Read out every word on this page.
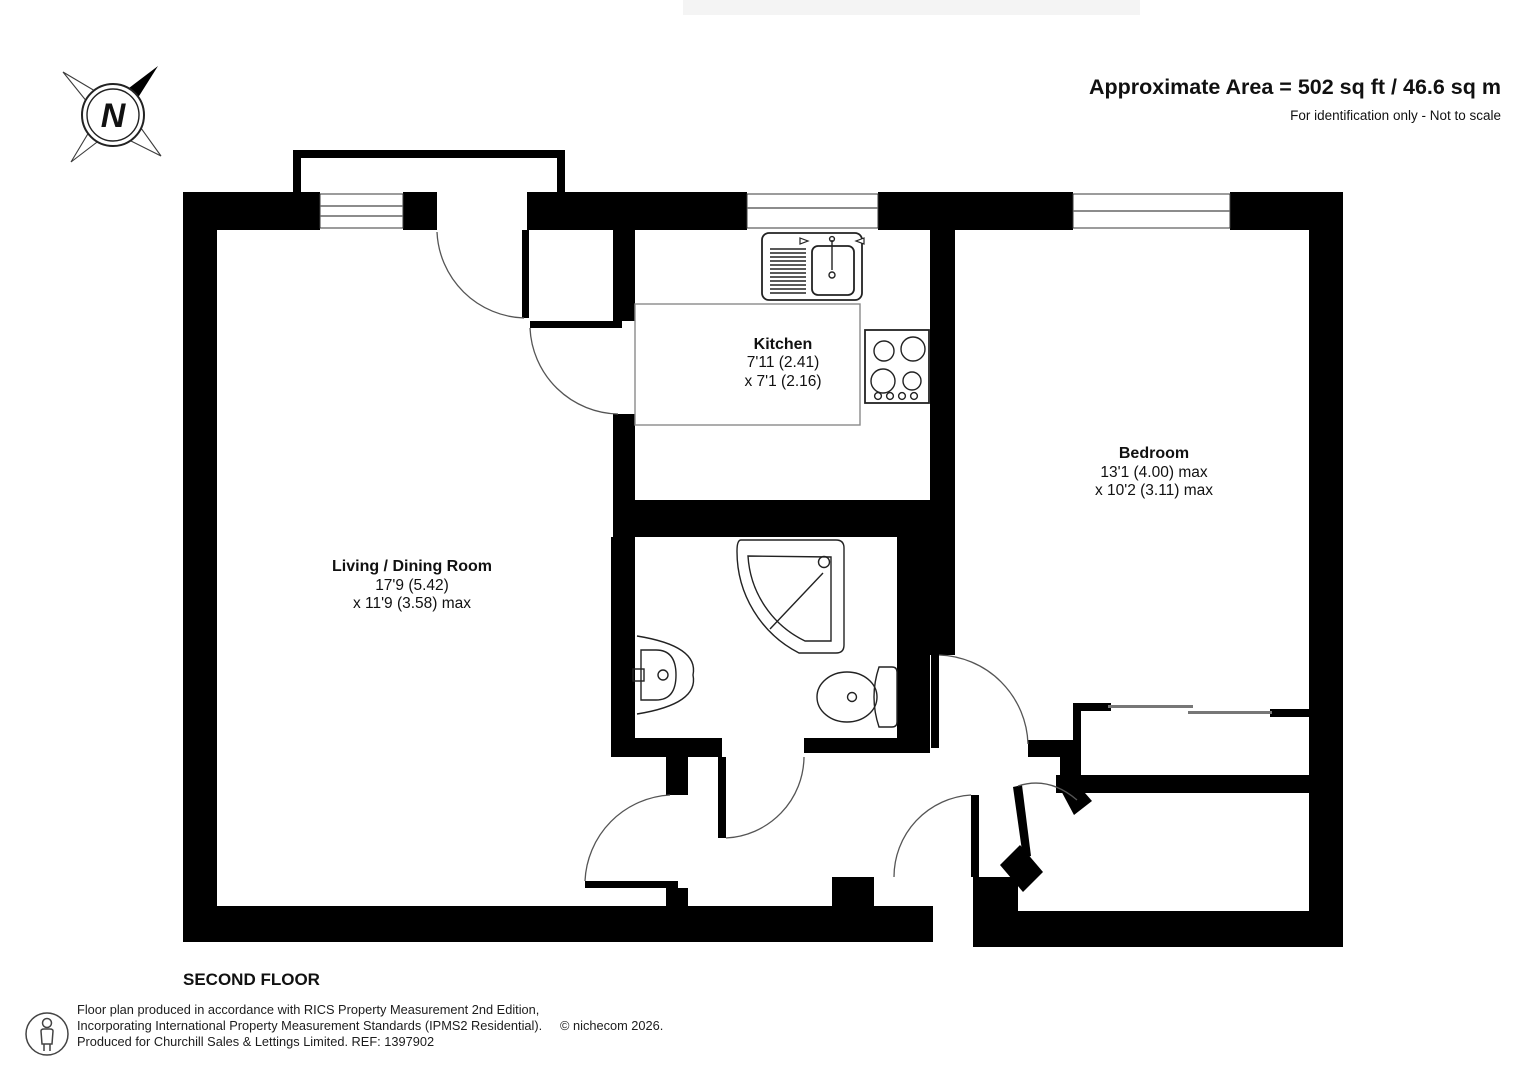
N
Approximate Area = 502 sq ft / 46.6 sq m
For identification only - Not to scale
Kitchen
7'11 (2.41)
x 7'1 (2.16)
Bedroom
13'1 (4.00) max
x 10'2 (3.11) max
Living / Dining Room
17'9 (5.42)
x 11'9 (3.58) max
SECOND FLOOR
Floor plan produced in accordance with RICS Property Measurement 2nd Edition,
Incorporating International Property Measurement Standards (IPMS2 Residential). © nichecom 2026.
Produced for Churchill Sales & Lettings Limited. REF: 1397902
